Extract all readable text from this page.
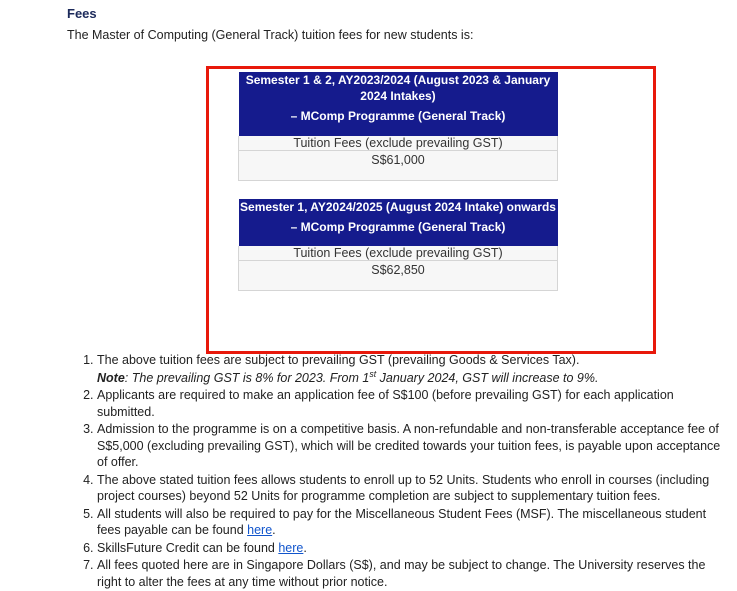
Fees
The Master of Computing (General Track) tuition fees for new students is:
Semester 1 & 2, AY2023/2024 (August 2023 & January 2024 Intakes)
– MComp Programme (General Track)
Tuition Fees (exclude prevailing GST)
S$61,000
Semester 1, AY2024/2025 (August 2024 Intake) onwards
– MComp Programme (General Track)
Tuition Fees (exclude prevailing GST)
S$62,850
1. The above tuition fees are subject to prevailing GST (prevailing Goods & Services Tax).
Note: The prevailing GST is 8% for 2023. From 1st January 2024, GST will increase to 9%.
2. Applicants are required to make an application fee of S$100 (before prevailing GST) for each application submitted.
3. Admission to the programme is on a competitive basis. A non-refundable and non-transferable acceptance fee of S$5,000 (excluding prevailing GST), which will be credited towards your tuition fees, is payable upon acceptance of offer.
4. The above stated tuition fees allows students to enroll up to 52 Units. Students who enroll in courses (including project courses) beyond 52 Units for programme completion are subject to supplementary tuition fees.
5. All students will also be required to pay for the Miscellaneous Student Fees (MSF). The miscellaneous student fees payable can be found here.
6. SkillsFuture Credit can be found here.
7. All fees quoted here are in Singapore Dollars (S$), and may be subject to change. The University reserves the right to alter the fees at any time without prior notice.
